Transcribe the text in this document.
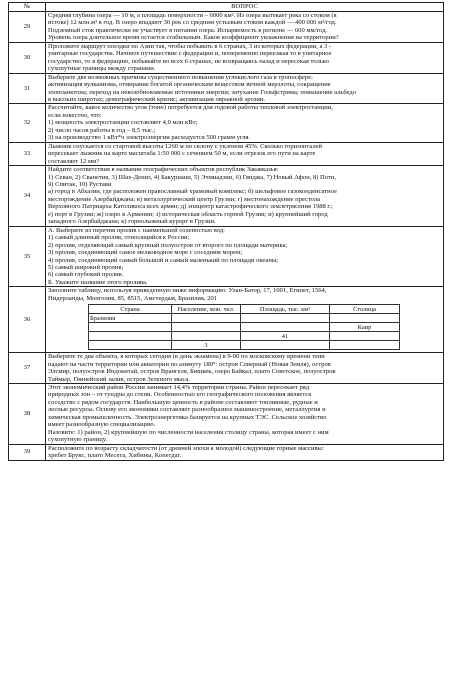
№	ВОПРОС
29	
Средняя глубина озера — 10 м, а площадь поверхности – 6000 км². Из озера вытекает река со стоком (в
истоке) 12 млн.м³ в год. В озеро впадают 30 рек со средним устьевым стоком каждой — 400 000 м³/год.
Подземный сток практически не участвует в питании озера. Испаряемость в регионе — 600 мм/год.
Уровень озера длительное время остается стабильным. Каков коэффициент увлажнения на территории?

30	
Проложите маршрут поездки по Азии так, чтобы побывать в 6 странах, 3 из которых федерации, а 3 -
унитарные государства. Начните путешествие с федерации и, попеременно переезжая то в унитарное
государство, то в федерацию, побывайте во всех 6 странах, не возвращаясь назад и пересекая только
сухопутные границы между странами.

31	
Выберите две возможных причины существенного повышения углекислого газа в тропосфере:
активизация вулканизма, отмирание богатой органическим веществом вечной мерзлоты, сокращение
зоопланктона; переход на невозобновляемые источники энергии; затухание Гольфстрима; повышение альбедо
в высоких широтах; демографический кризис; активизация овражной эрозии.

32	
Рассчитайте, какое количество угля (тонн) потребуется для годовой работы тепловой электростанции,
если известно, что:
1) мощность электростанции составляет 4,0 млн кВт;
2) число часов работы в год – 8,5 тыс.;
3) на производство 1 кВт*ч электроэнергии расходуется 500 грамм угля.

33	
Лыжник спускается со стартовой высоты 1260 м по склону с уклоном 45%. Сколько горизонталей
пересекает лыжник на карте масштаба 1:50 000 с сечением 50 м, если отрезок его пути на карте
составляет 12 мм?

34	
Найдите соответствия в названии географических объектов республик Закавказья:
1) Севан, 2) Сванетия, 3) Шах-Дениз, 4) Бакуриани, 5) Эчмиадзин, 6) Гянджа, 7) Новый Афон, 8) Поти,
9) Спитак, 10) Рустави
а) город в Абхазии, где расположен православный храмовый комплекс; б) шельфовое газоконденсатное
месторождение Азербайджана; в) металлургический центр Грузии; г) местонахождение престола
Верховного Патриарха Католикоса всех армян; д) эпицентр катастрофического землетрясения 1988 г.;
е) порт в Грузии; ж) озеро в Армении; з) историческая область горной Грузии; и) крупнейший город
западного Азербайджана; к) горнолыжный курорт в Грузии.

35	
А. Выберите из перечня пролив с наименьшей соленостью вод:
1) самый длинный пролив, относящийся к России;
2) пролив, отделяющий самый крупный полуостров от второго по площади материка;
3) пролив, соединяющий самое мелководное море с соседним морем;
4) пролив, соединяющий самый большой и самый маленький по площади океаны;
5) самый широкий пролив;
6) самый глубокий пролив.
Б. Укажите название этого пролива.

36	
Заполните таблицу, используя приведенную ниже информацию: Улан-Батор, 17, 1001, Египет, 1564,
Нидерланды, Монголия, 85, 8515, Амстердам, Бразилия, 201
Страна	Население, млн. чел.	Площадь, тыс. км²	Столица
Бразилия			
			Каир
		41	
	3		

37	
Выберите те два объекта, в которых сегодня (в день экзамена) в 9-00 по московскому времени тени
падают на части территории или акватории по азимуту 180°: остров Северный (Новая Земля), остров
Элсмир, полуостров Индокитай, остров Врангеля, Бишкек, озеро Байкал, плато Советское, полуостров
Таймыр, Гвинейский залив, остров Зеленого мыса.

38	
Этот экономический район России занимает 14,4% территории страны. Район пересекает ряд
природных зон – от тундры до степи. Особенностью его географического положения является
соседство с рядом государств. Наибольшую ценность в районе составляют топливные, рудные и
лесные ресурсы. Основу его экономики составляет разнообразное машиностроение, металлургия и
химическая промышленность. Электроэнергетика базируется на крупных ТЭС. Сельское хозяйство
имеет разнообразную специализацию.
Назовите: 1) район, 2) крупнейшую по численности населения столицу страны, которая имеет с ним
сухопутную границу.

39	
Расположите по возрасту складчатости (от древней эпохи к молодой) следующие горные массивы:
хребет Брукс, плато Месета, Хибины, Копетдаг.
